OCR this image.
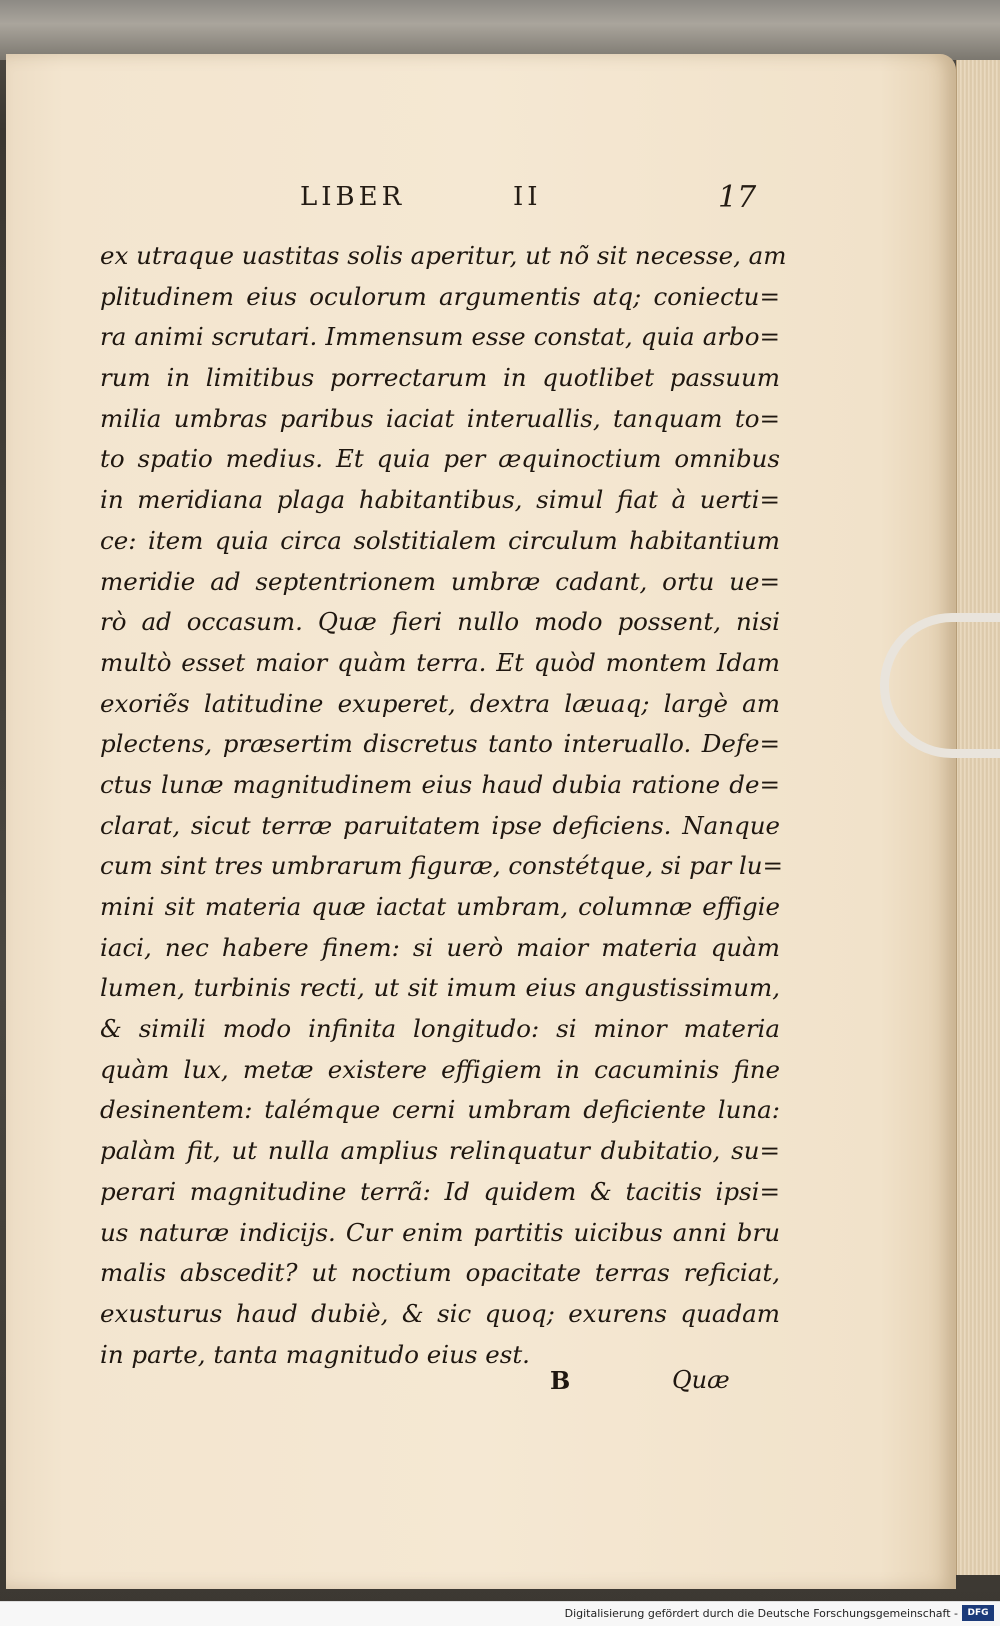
LIBER	II	17
ex utraque uastitas solis aperitur, ut nõ sit necesse, am
plitudinem eius oculorum argumentis atq; coniectu=
ra animi scrutari. Immensum esse constat, quia arbo=
rum in limitibus porrectarum in quotlibet passuum
milia umbras paribus iaciat interuallis, tanquam to=
to spatio medius. Et quia per æquinoctium omnibus
in meridiana plaga habitantibus, simul fiat à uerti=
ce: item quia circa solstitialem circulum habitantium
meridie ad septentrionem umbræ cadant, ortu ue=
rò ad occasum. Quæ fieri nullo modo possent, nisi
multò esset maior quàm terra. Et quòd montem Idam
exoriẽs latitudine exuperet, dextra læuaq; largè am
plectens, præsertim discretus tanto interuallo. Defe=
ctus lunæ magnitudinem eius haud dubia ratione de=
clarat, sicut terræ paruitatem ipse deficiens. Nanque
cum sint tres umbrarum figuræ, constétque, si par lu=
mini sit materia quæ iactat umbram, columnæ effigie
iaci, nec habere finem: si uerò maior materia quàm
lumen, turbinis recti, ut sit imum eius angustissimum,
& simili modo infinita longitudo: si minor materia
quàm lux, metæ existere effigiem in cacuminis fine
desinentem: talémque cerni umbram deficiente luna:
palàm fit, ut nulla amplius relinquatur dubitatio, su=
perari magnitudine terrã: Id quidem & tacitis ipsi=
us naturæ indicijs. Cur enim partitis uicibus anni bru
malis abscedit? ut noctium opacitate terras reficiat,
exusturus haud dubiè, & sic quoq; exurens quadam
in parte, tanta magnitudo eius est.
B	Quæ
Digitalisierung gefördert durch die Deutsche Forschungsgemeinschaft -	DFG
